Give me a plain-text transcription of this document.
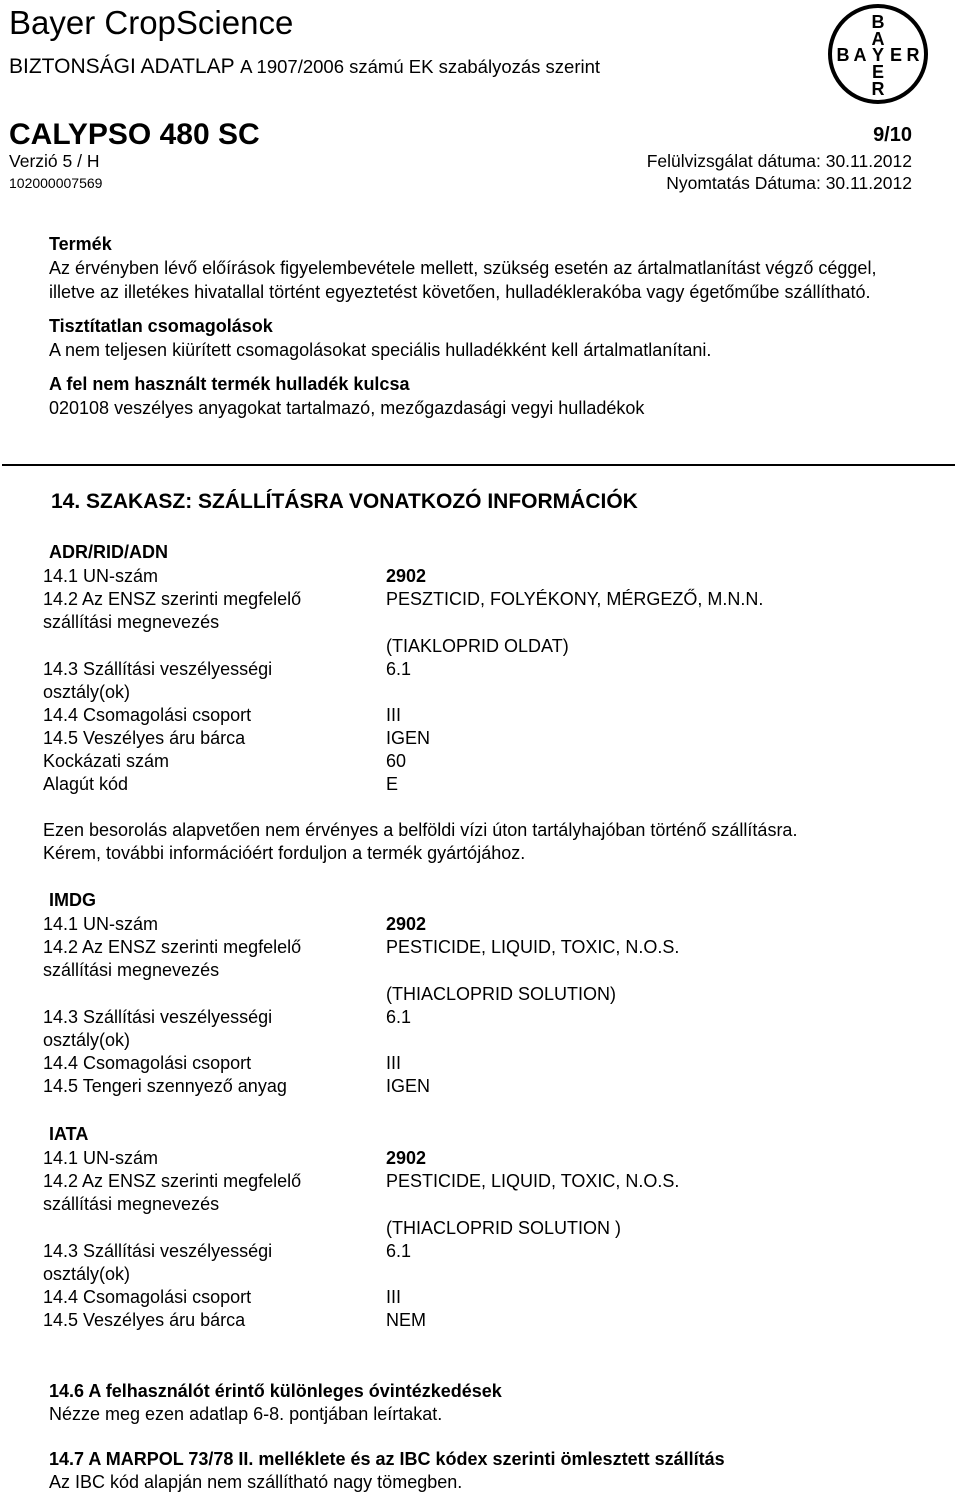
Bayer CropScience
BIZTONSÁGI ADATLAP A 1907/2006 számú EK szabályozás szerint
CALYPSO 480 SC	9/10
Verzió 5 / H	Felülvizsgálat dátuma: 30.11.2012
102000007569	Nyomtatás Dátuma: 30.11.2012
B
A
B A Y E R
E
R

Termék

Az érvényben lévő előírások figyelembevétele mellett, szükség esetén az ártalmatlanítást végző céggel, illetve az illetékes hivatallal történt egyeztetést követően, hulladéklerakóba vagy égetőműbe szállítható.

Tisztítatlan csomagolások

A nem teljesen kiürített csomagolásokat speciális hulladékként kell ártalmatlanítani.

A fel nem használt termék hulladék kulcsa

020108 veszélyes anyagokat tartalmazó, mezőgazdasági vegyi hulladékok

14. SZAKASZ: SZÁLLÍTÁSRA VONATKOZÓ INFORMÁCIÓK
ADR/RID/ADN
14.1 UN-szám	2902
14.2 Az ENSZ szerinti megfelelő	PESZTICID, FOLYÉKONY, MÉRGEZŐ, M.N.N.
szállítási megnevezés
(TIAKLOPRID OLDAT)
14.3 Szállítási veszélyességi	6.1
osztály(ok)
14.4 Csomagolási csoport	III
14.5 Veszélyes áru bárca	IGEN
Kockázati szám	60
Alagút kód	E
Ezen besorolás alapvetően nem érvényes a belföldi vízi úton tartályhajóban történő szállításra.
Kérem, további információért forduljon a termék gyártójához.
IMDG
14.1 UN-szám	2902
14.2 Az ENSZ szerinti megfelelő	PESTICIDE, LIQUID, TOXIC, N.O.S.
szállítási megnevezés
(THIACLOPRID SOLUTION)
14.3 Szállítási veszélyességi	6.1
osztály(ok)
14.4 Csomagolási csoport	III
14.5 Tengeri szennyező anyag	IGEN
IATA
14.1 UN-szám	2902
14.2 Az ENSZ szerinti megfelelő	PESTICIDE, LIQUID, TOXIC, N.O.S.
szállítási megnevezés
(THIACLOPRID SOLUTION )
14.3 Szállítási veszélyességi	6.1
osztály(ok)
14.4 Csomagolási csoport	III
14.5 Veszélyes áru bárca	NEM
14.6 A felhasználót érintő különleges óvintézkedések
Nézze meg ezen adatlap 6-8. pontjában leírtakat.
14.7 A MARPOL 73/78 II. melléklete és az IBC kódex szerinti ömlesztett szállítás
Az IBC kód alapján nem szállítható nagy tömegben.
